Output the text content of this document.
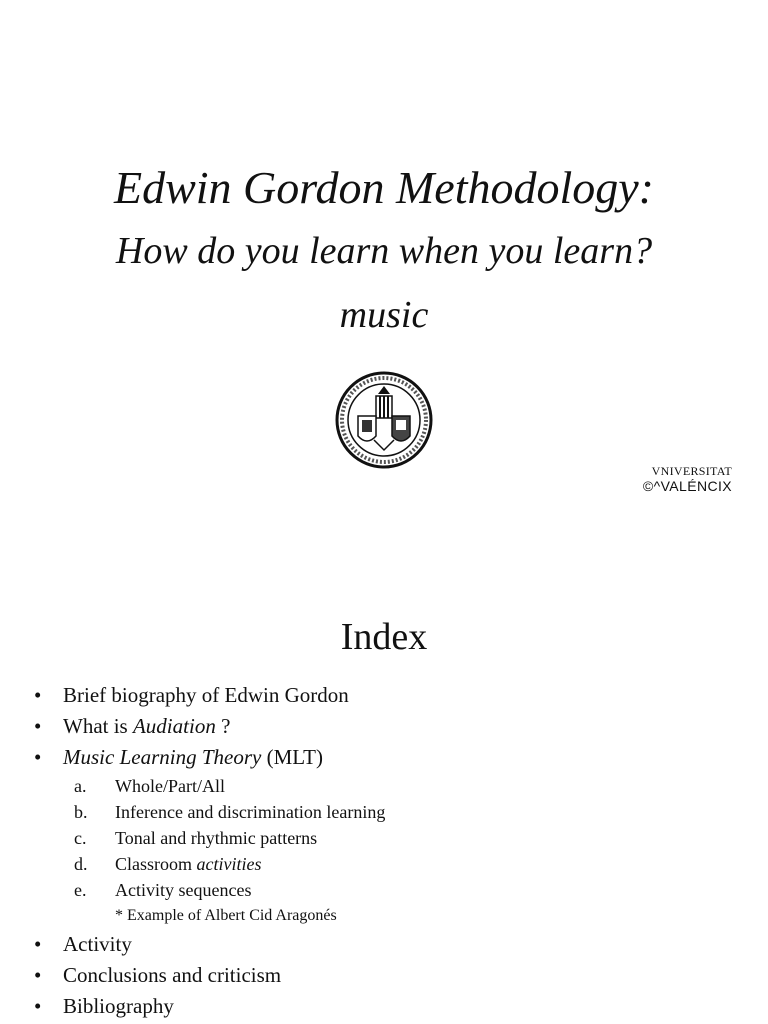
Edwin Gordon Methodology:
How do you learn when you learn?
music
VNIVERSITAT
©^VALÉNCIX
Index
•	Brief biography of Edwin Gordon
•	What is Audiation ?
•	Music Learning Theory (MLT)
a. Whole/Part/All
b. Inference and discrimination learning
c. Tonal and rhythmic patterns
d. Classroom activities
e. Activity sequences
* Example of Albert Cid Aragonés
•	Activity
•	Conclusions and criticism
•	Bibliography
